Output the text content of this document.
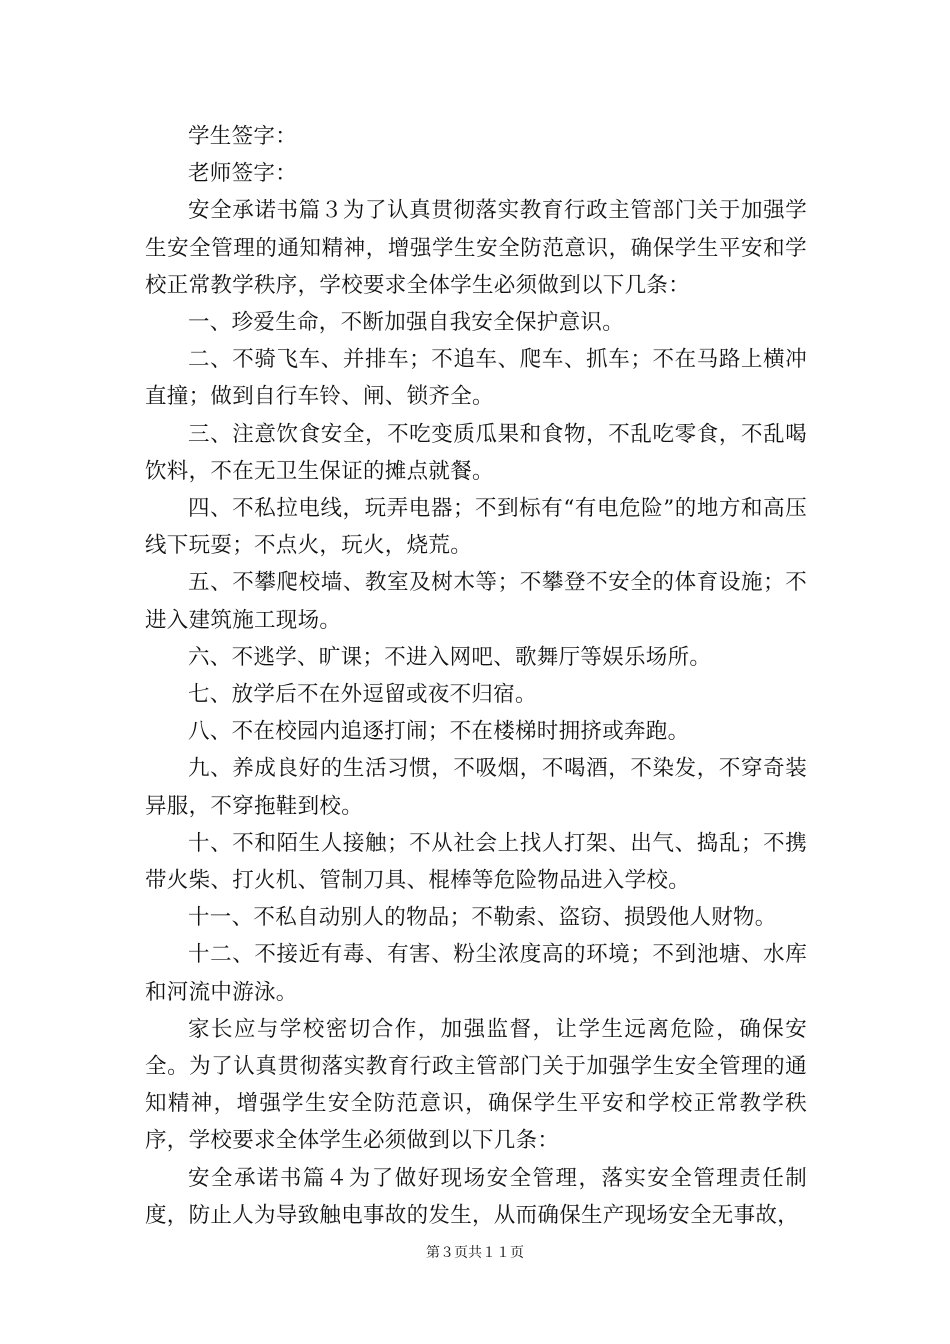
学生签字：

老师签字：

安全承诺书篇３为了认真贯彻落实教育行政主管部门关于加强学生安全管理的通知精神，增强学生安全防范意识，确保学生平安和学校正常教学秩序，学校要求全体学生必须做到以下几条：

一、珍爱生命，不断加强自我安全保护意识。

二、不骑飞车、并排车；不追车、爬车、抓车；不在马路上横冲直撞；做到自行车铃、闸、锁齐全。

三、注意饮食安全，不吃变质瓜果和食物，不乱吃零食，不乱喝饮料，不在无卫生保证的摊点就餐。

四、不私拉电线，玩弄电器；不到标有“有电危险”的地方和高压线下玩耍；不点火，玩火，烧荒。

五、不攀爬校墙、教室及树木等；不攀登不安全的体育设施；不进入建筑施工现场。

六、不逃学、旷课；不进入网吧、歌舞厅等娱乐场所。

七、放学后不在外逗留或夜不归宿。

八、不在校园内追逐打闹；不在楼梯时拥挤或奔跑。

九、养成良好的生活习惯，不吸烟，不喝酒，不染发，不穿奇装异服，不穿拖鞋到校。

十、不和陌生人接触；不从社会上找人打架、出气、捣乱；不携带火柴、打火机、管制刀具、棍棒等危险物品进入学校。

十一、不私自动别人的物品；不勒索、盗窃、损毁他人财物。

十二、不接近有毒、有害、粉尘浓度高的环境；不到池塘、水库和河流中游泳。

家长应与学校密切合作，加强监督，让学生远离危险，确保安全。为了认真贯彻落实教育行政主管部门关于加强学生安全管理的通知精神，增强学生安全防范意识，确保学生平安和学校正常教学秩序，学校要求全体学生必须做到以下几条：

安全承诺书篇４为了做好现场安全管理，落实安全管理责任制度，防止人为导致触电事故的发生，从而确保生产现场安全无事故，

第３页共１１页
